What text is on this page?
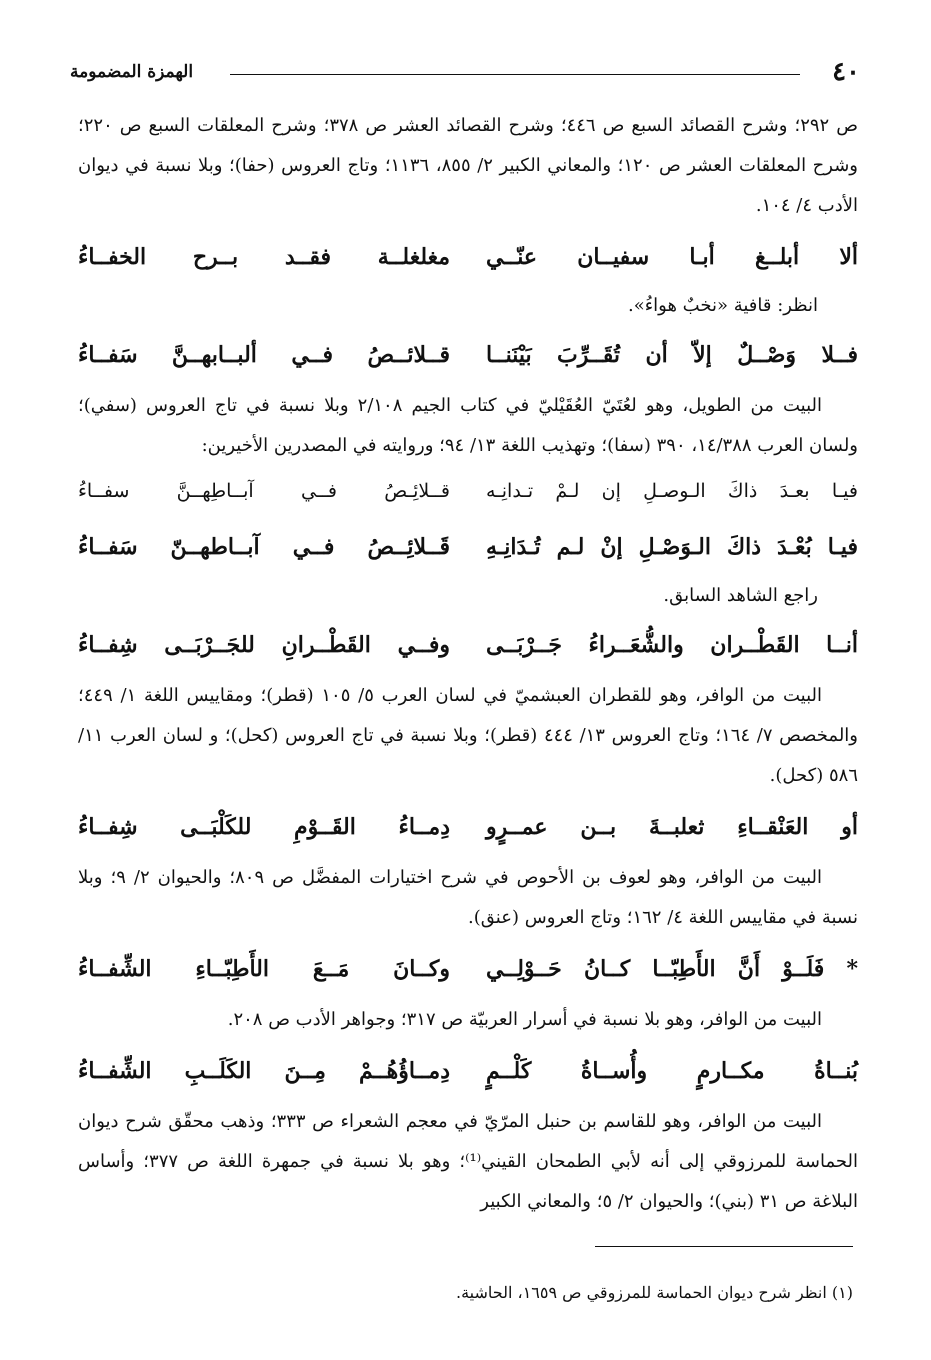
٤٠
الهمزة المضمومة

ص ٢٩٢؛ وشرح القصائد السبع ص ٤٤٦؛ وشرح القصائد العشر ص ٣٧٨؛ وشرح المعلقات السبع ص ٢٢٠؛ وشرح المعلقات العشر ص ١٢٠؛ والمعاني الكبير ٢/ ٨٥٥، ١١٣٦؛ وتاج العروس (حفا)؛ وبلا نسبة في ديوان الأدب ٤/ ١٠٤.

ألا أبلــغ أبـا سفيــان عنّــي
مغلغلــة فقــد بــرح الخفــاءُ

انظر: قافية «نخبٌ هواءُ».

فــلا وَصْــلٌ إلاّ أن تُقَــرِّبَ بَيْنَنــا
قــلائــصُ فــي ألبــابهــنَّ سَفــاءُ

البيت من الطويل، وهو لعُتَيّ العُقَيْليّ في كتاب الجيم ٢/١٠٨ وبلا نسبة في تاج العروس (سفي)؛ ولسان العرب ١٤/٣٨٨، ٣٩٠ (سفا)؛ وتهذيب اللغة ١٣/ ٩٤؛ وروايته في المصدرين الأخيرين:

فيـا بعـدَ ذاكَ الـوصـلِ إن لـمْ تـدانِـه
قــلائِـصُ فــي آبــاطِهــنَّ سفــاءُ
فيـا بُعْـدَ ذاكَ الـوَصْـلِ إنْ لـم تُـدَانِـهِ
قَــلائِــصُ فــي آبــاطهــنّ سَفــاءُ

راجع الشاهد السابق.

أنــا القَطْــران والشُّعَــراءُ جَــرْبَــى
وفــي القَطْــرانِ للجَــرْبَــى شِفــاءُ

البيت من الوافر، وهو للقطران العبشميّ في لسان العرب ٥/ ١٠٥ (قطر)؛ ومقاييس اللغة ١/ ٤٤٩؛ والمخصص ٧/ ١٦٤؛ وتاج العروس ١٣/ ٤٤٤ (قطر)؛ وبلا نسبة في تاج العروس (كحل)؛ و لسان العرب ١١/ ٥٨٦ (كحل).

أو العَنْقــاءِ ثعلبــةَ بــن عمــرٍو
دِمــاءُ القَــوْمِ للكَلْبَــى شِفــاءُ

البيت من الوافر، وهو لعوف بن الأحوص في شرح اختيارات المفضَّل ص ٨٠٩؛ والحيوان ٢/ ٩؛ وبلا نسبة في مقاييس اللغة ٤/ ١٦٢؛ وتاج العروس (عنق).

* فَلَــوْ أَنَّ الأَطِبّــا كــانُ حَــوْلِــي
وكــانَ مَــعَ الأَطِبّــاءِ الشِّفــاءُ

البيت من الوافر، وهو بلا نسبة في أسرار العربيّة ص ٣١٧؛ وجواهر الأدب ص ٢٠٨.

بُنــاةُ مكــارمٍ وأُســاةُ كَلْــمٍ
دِمــاؤُهُــمْ مِــنَ الكَلَــبِ الشِّفــاءُ

البيت من الوافر، وهو للقاسم بن حنبل المرّيّ في معجم الشعراء ص ٣٣٣؛ وذهب محقّق شرح ديوان الحماسة للمرزوقي إلى أنه لأبي الطمحان القيني⁽¹⁾؛ وهو بلا نسبة في جمهرة اللغة ص ٣٧٧؛ وأساس البلاغة ص ٣١ (بني)؛ والحيوان ٢/ ٥؛ والمعاني الكبير

(١) انظر شرح ديوان الحماسة للمرزوقي ص ١٦٥٩، الحاشية.
